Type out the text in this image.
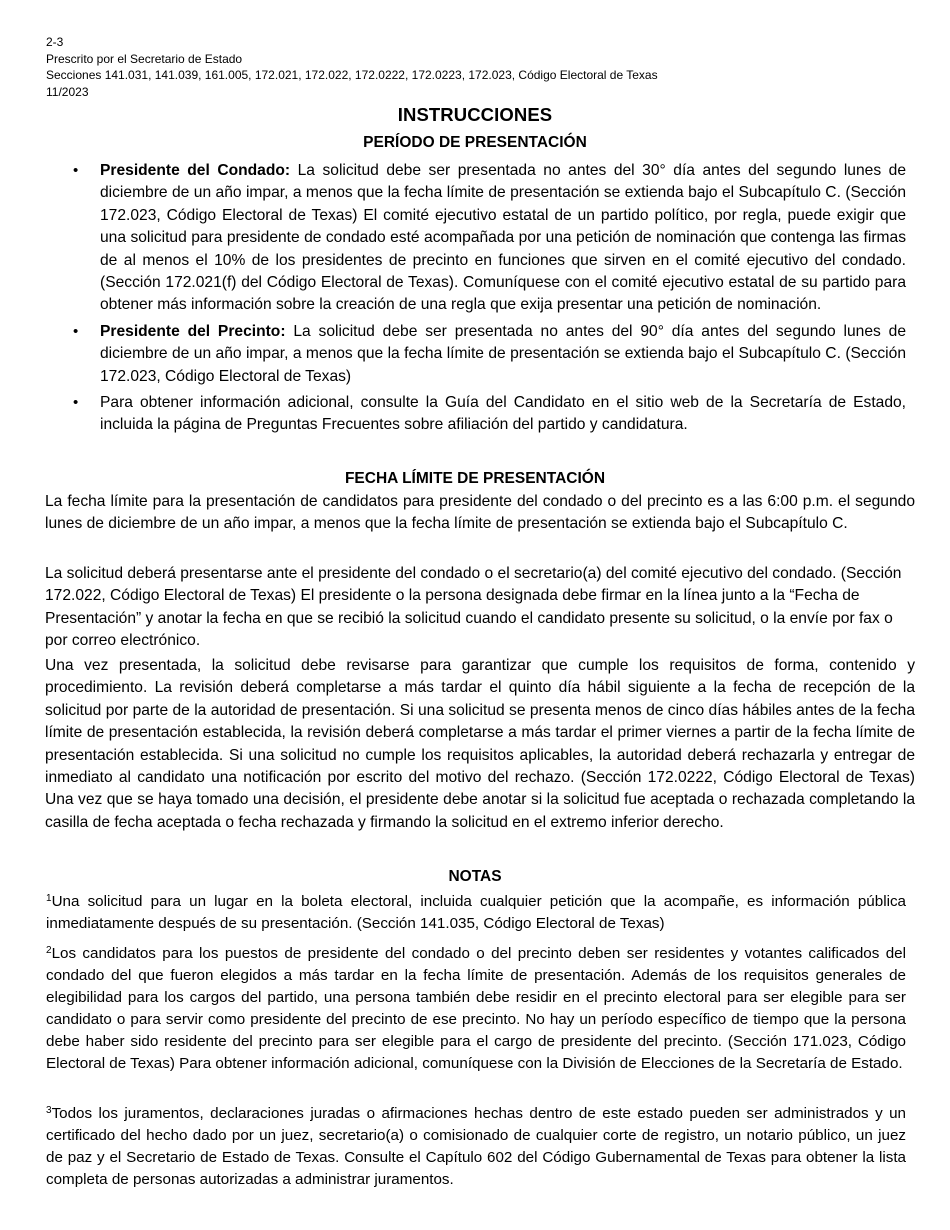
2-3
Prescrito por el Secretario de Estado
Secciones 141.031, 141.039, 161.005, 172.021, 172.022, 172.0222, 172.0223, 172.023, Código Electoral de Texas
11/2023
INSTRUCCIONES
PERÍODO DE PRESENTACIÓN
• Presidente del Condado: La solicitud debe ser presentada no antes del 30° día antes del segundo lunes de diciembre de un año impar, a menos que la fecha límite de presentación se extienda bajo el Subcapítulo C. (Sección 172.023, Código Electoral de Texas) El comité ejecutivo estatal de un partido político, por regla, puede exigir que una solicitud para presidente de condado esté acompañada por una petición de nominación que contenga las firmas de al menos el 10% de los presidentes de precinto en funciones que sirven en el comité ejecutivo del condado. (Sección 172.021(f) del Código Electoral de Texas). Comuníquese con el comité ejecutivo estatal de su partido para obtener más información sobre la creación de una regla que exija presentar una petición de nominación.
• Presidente del Precinto: La solicitud debe ser presentada no antes del 90° día antes del segundo lunes de diciembre de un año impar, a menos que la fecha límite de presentación se extienda bajo el Subcapítulo C. (Sección 172.023, Código Electoral de Texas)
• Para obtener información adicional, consulte la Guía del Candidato en el sitio web de la Secretaría de Estado, incluida la página de Preguntas Frecuentes sobre afiliación del partido y candidatura.
FECHA LÍMITE DE PRESENTACIÓN
La fecha límite para la presentación de candidatos para presidente del condado o del precinto es a las 6:00 p.m. el segundo lunes de diciembre de un año impar, a menos que la fecha límite de presentación se extienda bajo el Subcapítulo C.
La solicitud deberá presentarse ante el presidente del condado o el secretario(a) del comité ejecutivo del condado. (Sección 172.022, Código Electoral de Texas) El presidente o la persona designada debe firmar en la línea junto a la “Fecha de Presentación” y anotar la fecha en que se recibió la solicitud cuando el candidato presente su solicitud, o la envíe por fax o por correo electrónico.
Una vez presentada, la solicitud debe revisarse para garantizar que cumple los requisitos de forma, contenido y procedimiento. La revisión deberá completarse a más tardar el quinto día hábil siguiente a la fecha de recepción de la solicitud por parte de la autoridad de presentación. Si una solicitud se presenta menos de cinco días hábiles antes de la fecha límite de presentación establecida, la revisión deberá completarse a más tardar el primer viernes a partir de la fecha límite de presentación establecida. Si una solicitud no cumple los requisitos aplicables, la autoridad deberá rechazarla y entregar de inmediato al candidato una notificación por escrito del motivo del rechazo. (Sección 172.0222, Código Electoral de Texas) Una vez que se haya tomado una decisión, el presidente debe anotar si la solicitud fue aceptada o rechazada completando la casilla de fecha aceptada o fecha rechazada y firmando la solicitud en el extremo inferior derecho.
NOTAS
$^1$Una solicitud para un lugar en la boleta electoral, incluida cualquier petición que la acompañe, es información pública inmediatamente después de su presentación. (Sección 141.035, Código Electoral de Texas)
$^2$Los candidatos para los puestos de presidente del condado o del precinto deben ser residentes y votantes calificados del condado del que fueron elegidos a más tardar en la fecha límite de presentación. Además de los requisitos generales de elegibilidad para los cargos del partido, una persona también debe residir en el precinto electoral para ser elegible para ser candidato o para servir como presidente del precinto de ese precinto. No hay un período específico de tiempo que la persona debe haber sido residente del precinto para ser elegible para el cargo de presidente del precinto. (Sección 171.023, Código Electoral de Texas) Para obtener información adicional, comuníquese con la División de Elecciones de la Secretaría de Estado.
$^3$Todos los juramentos, declaraciones juradas o afirmaciones hechas dentro de este estado pueden ser administrados y un certificado del hecho dado por un juez, secretario(a) o comisionado de cualquier corte de registro, un notario público, un juez de paz y el Secretario de Estado de Texas. Consulte el Capítulo 602 del Código Gubernamental de Texas para obtener la lista completa de personas autorizadas a administrar juramentos.
